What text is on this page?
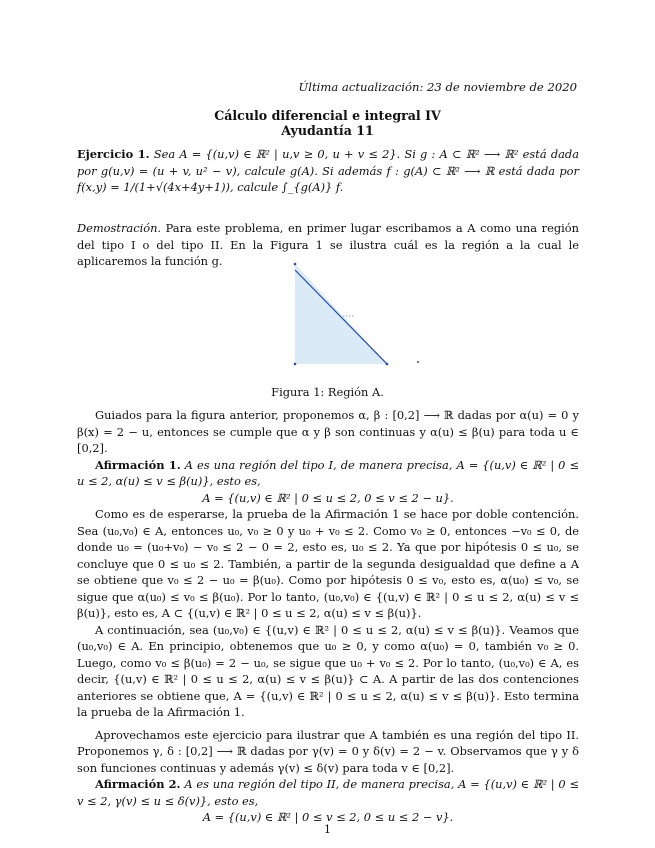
Última actualización: 23 de noviembre de 2020
Cálculo diferencial e integral IV
Ayudantía 11

Ejercicio 1. Sea A = {(u,v) ∈ ℝ² | u,v ≥ 0, u + v ≤ 2}. Si g : A ⊂ ℝ² ⟶ ℝ² está dada por g(u,v) = (u + v, u² − v), calcule g(A). Si además f : g(A) ⊂ ℝ² ⟶ ℝ está dada por f(x,y) = 1/(1+√(4x+4y+1)), calcule ∫_{g(A)} f.

Demostración. Para este problema, en primer lugar escribamos a A como una región del tipo I o del tipo II. En la Figura 1 se ilustra cuál es la región a la cual le aplicaremos la función g.

Figura 1: Región A.

Guiados para la figura anterior, proponemos α, β : [0,2] ⟶ ℝ dadas por α(u) = 0 y β(x) = 2 − u, entonces se cumple que α y β son continuas y α(u) ≤ β(u) para toda u ∈ [0,2].

Afirmación 1. A es una región del tipo I, de manera precisa, A = {(u,v) ∈ ℝ² | 0 ≤ u ≤ 2, α(u) ≤ v ≤ β(u)}, esto es,

A = {(u,v) ∈ ℝ² | 0 ≤ u ≤ 2, 0 ≤ v ≤ 2 − u}.

Como es de esperarse, la prueba de la Afirmación 1 se hace por doble contención. Sea (u₀,v₀) ∈ A, entonces u₀, v₀ ≥ 0 y u₀ + v₀ ≤ 2. Como v₀ ≥ 0, entonces −v₀ ≤ 0, de donde u₀ = (u₀+v₀) − v₀ ≤ 2 − 0 = 2, esto es, u₀ ≤ 2. Ya que por hipótesis 0 ≤ u₀, se concluye que 0 ≤ u₀ ≤ 2. También, a partir de la segunda desigualdad que define a A se obtiene que v₀ ≤ 2 − u₀ = β(u₀). Como por hipótesis 0 ≤ v₀, esto es, α(u₀) ≤ v₀, se sigue que α(u₀) ≤ v₀ ≤ β(u₀). Por lo tanto, (u₀,v₀) ∈ {(u,v) ∈ ℝ² | 0 ≤ u ≤ 2, α(u) ≤ v ≤ β(u)}, esto es, A ⊂ {(u,v) ∈ ℝ² | 0 ≤ u ≤ 2, α(u) ≤ v ≤ β(u)}.

A continuación, sea (u₀,v₀) ∈ {(u,v) ∈ ℝ² | 0 ≤ u ≤ 2, α(u) ≤ v ≤ β(u)}. Veamos que (u₀,v₀) ∈ A. En principio, obtenemos que u₀ ≥ 0, y como α(u₀) = 0, también v₀ ≥ 0. Luego, como v₀ ≤ β(u₀) = 2 − u₀, se sigue que u₀ + v₀ ≤ 2. Por lo tanto, (u₀,v₀) ∈ A, es decir, {(u,v) ∈ ℝ² | 0 ≤ u ≤ 2, α(u) ≤ v ≤ β(u)} ⊂ A. A partir de las dos contenciones anteriores se obtiene que, A = {(u,v) ∈ ℝ² | 0 ≤ u ≤ 2, α(u) ≤ v ≤ β(u)}. Esto termina la prueba de la Afirmación 1.

Aprovechamos este ejercicio para ilustrar que A también es una región del tipo II. Proponemos γ, δ : [0,2] ⟶ ℝ dadas por γ(v) = 0 y δ(v) = 2 − v. Observamos que γ y δ son funciones continuas y además γ(v) ≤ δ(v) para toda v ∈ [0,2].

Afirmación 2. A es una región del tipo II, de manera precisa, A = {(u,v) ∈ ℝ² | 0 ≤ v ≤ 2, γ(v) ≤ u ≤ δ(v)}, esto es,

A = {(u,v) ∈ ℝ² | 0 ≤ v ≤ 2, 0 ≤ u ≤ 2 − v}.

1
